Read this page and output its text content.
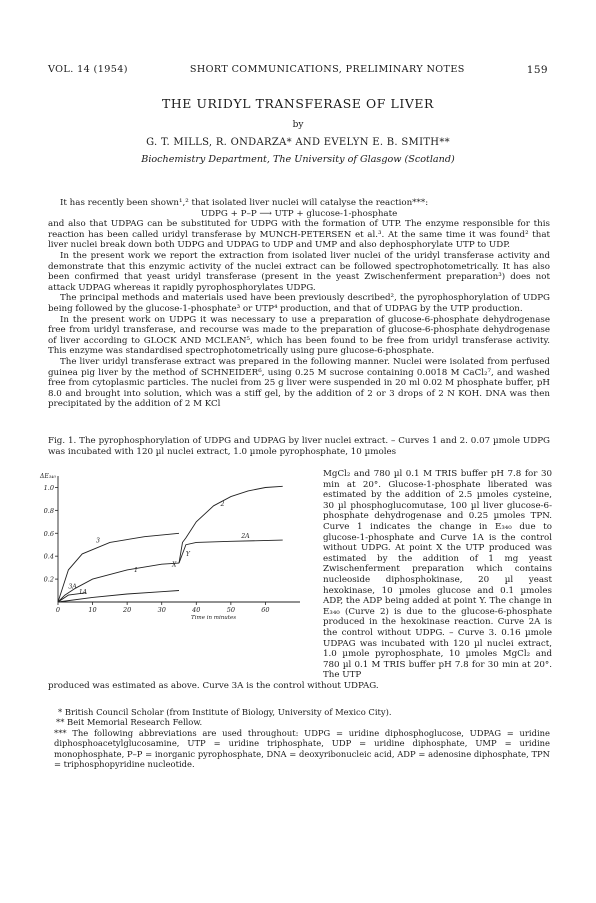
VOL. 14 (1954)	SHORT COMMUNICATIONS, PRELIMINARY NOTES	159
THE URIDYL TRANSFERASE OF LIVER
by
G. T. MILLS, R. ONDARZA* AND EVELYN E. B. SMITH**
Biochemistry Department, The University of Glasgow (Scotland)

It has recently been shown¹,² that isolated liver nuclei will catalyse the reaction***:

UDPG + P–P ⟶ UTP + glucose-1-phosphate

and also that UDPAG can be substituted for UDPG with the formation of UTP. The enzyme responsible for this reaction has been called uridyl transferase by MUNCH-PETERSEN et al.³. At the same time it was found² that liver nuclei break down both UDPG and UDPAG to UDP and UMP and also dephosphorylate UTP to UDP.

In the present work we report the extraction from isolated liver nuclei of the uridyl transferase activity and demonstrate that this enzymic activity of the nuclei extract can be followed spectrophotometrically. It has also been confirmed that yeast uridyl transferase (present in the yeast Zwischenferment preparation³) does not attack UDPAG whereas it rapidly pyrophosphorylates UDPG.

The principal methods and materials used have been previously described², the pyrophosphorylation of UDPG being followed by the glucose-1-phosphate³ or UTP⁴ production, and that of UDPAG by the UTP production.

In the present work on UDPG it was necessary to use a preparation of glucose-6-phosphate dehydrogenase free from uridyl transferase, and recourse was made to the preparation of glucose-6-phosphate dehydrogenase of liver according to GLOCK AND MCLEAN⁵, which has been found to be free from uridyl transferase activity. This enzyme was standardised spectrophotometrically using pure glucose-6-phosphate.

The liver uridyl transferase extract was prepared in the following manner. Nuclei were isolated from perfused guinea pig liver by the method of SCHNEIDER⁶, using 0.25 M sucrose containing 0.0018 M CaCl₂⁷, and washed free from cytoplasmic particles. The nuclei from 25 g liver were suspended in 20 ml 0.02 M phosphate buffer, pH 8.0 and brought into solution, which was a stiff gel, by the addition of 2 or 3 drops of 2 N KOH. DNA was then precipitated by the addition of 2 M KCl

Fig. 1. The pyrophosphorylation of UDPG and UDPAG by liver nuclei extract. – Curves 1 and 2. 0.07 µmole UDPG was incubated with 120 µl nuclei extract, 1.0 µmole pyrophosphate, 10 µmoles
0.2
0.4
0.6
0.8
1.0
0	10	20	30	40	50	60
ΔE₃₄₀
Time in minutes
1
1A
2
2A
3
3A
X
Y
MgCl₂ and 780 µl 0.1 M TRIS buffer pH 7.8 for 30 min at 20°. Glucose-1-phosphate liberated was estimated by the addition of 2.5 µmoles cysteine, 30 µl phosphoglucomutase, 100 µl liver glucose-6-phosphate dehydrogenase and 0.25 µmoles TPN. Curve 1 indicates the change in E₃₄₀ due to glucose-1-phosphate and Curve 1A is the control without UDPG. At point X the UTP produced was estimated by the addition of 1 mg yeast Zwischenferment preparation which contains nucleoside diphosphokinase, 20 µl yeast hexokinase, 10 µmoles glucose and 0.1 µmoles ADP, the ADP being added at point Y. The change in E₃₄₀ (Curve 2) is due to the glucose-6-phosphate produced in the hexokinase reaction. Curve 2A is the control without UDPG. – Curve 3. 0.16 µmole UDPAG was incubated with 120 µl nuclei extract, 1.0 µmole pyrophosphate, 10 µmoles MgCl₂ and 780 µl 0.1 M TRIS buffer pH 7.8 for 30 min at 20°. The UTP
produced was estimated as above. Curve 3A is the control without UDPAG.

* British Council Scholar (from Institute of Biology, University of Mexico City).

** Beit Memorial Research Fellow.

*** The following abbreviations are used throughout: UDPG = uridine diphosphoglucose, UDPAG = uridine diphosphoacetylglucosamine, UTP = uridine triphosphate, UDP = uridine diphosphate, UMP = uridine monophosphate, P–P = inorganic pyrophosphate, DNA = deoxyribonucleic acid, ADP = adenosine diphosphate, TPN = triphosphopyridine nucleotide.
